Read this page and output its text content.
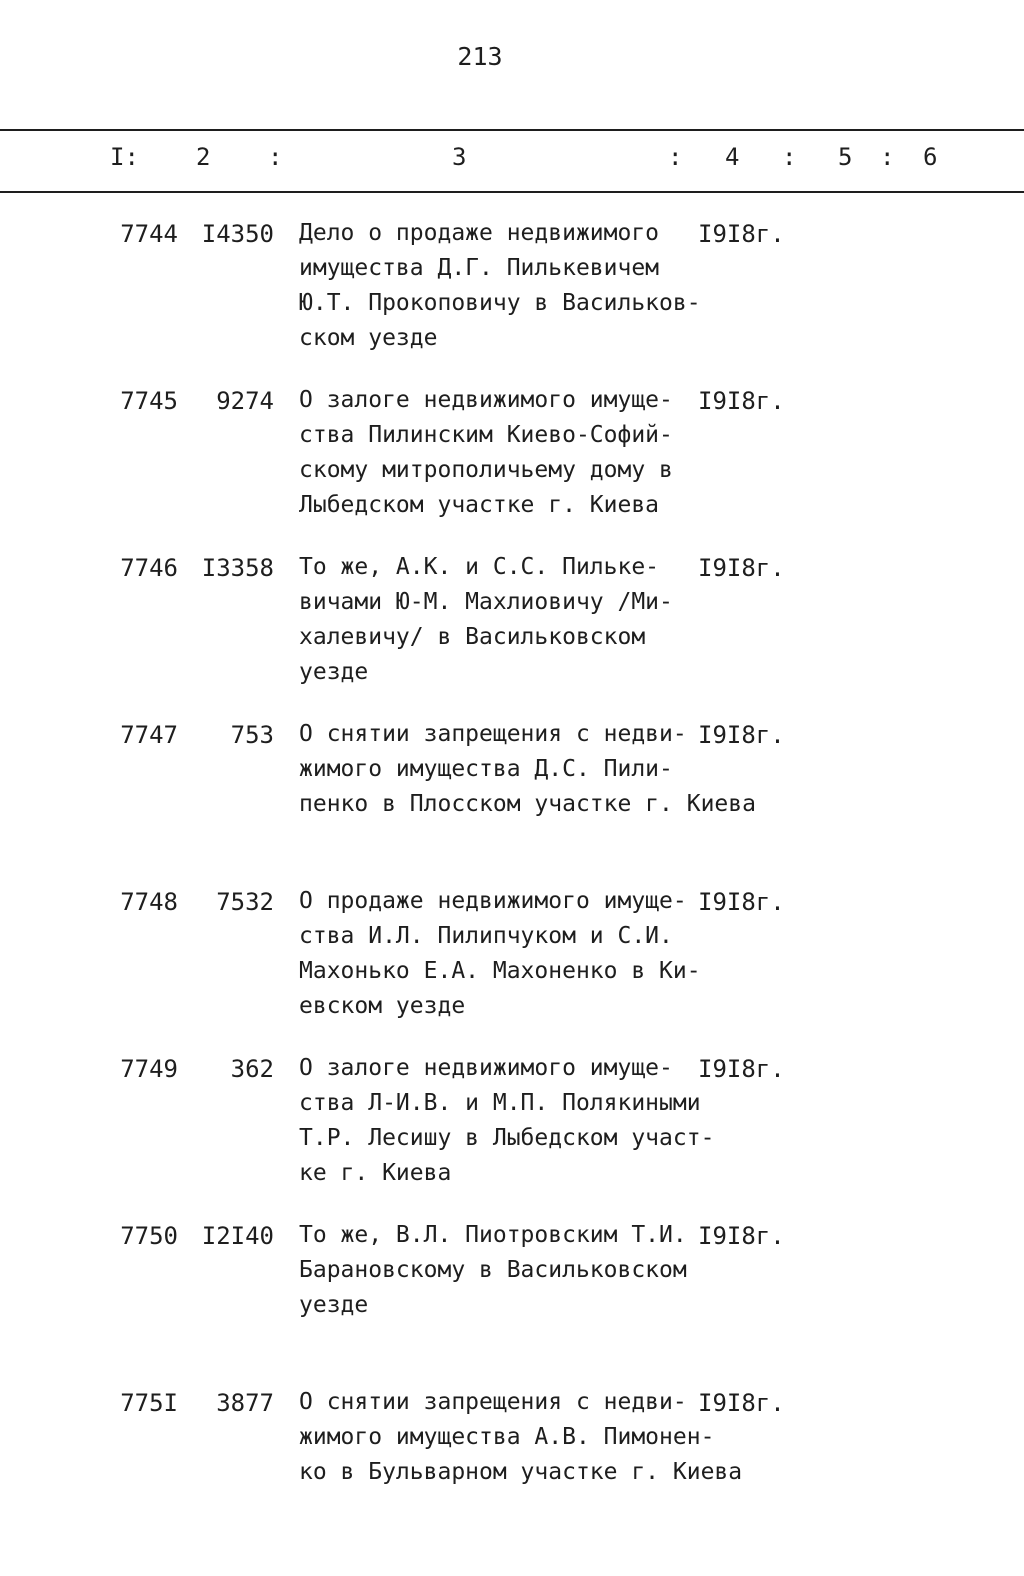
213
I: 2 :	3	: 4 : 5 : 6
7744 I4350 Дело о продаже недвижимого
имущества Д.Г. Пилькевичем
Ю.Т. Прокоповичу в Васильков-
ском уезде
I9I8г.
7745	9274 О залоге недвижимого имуще-
ства Пилинским Киево-Софий-
скому митрополичьему дому в
Лыбедском участке г. Киева
I9I8г.
7746 I3358 То же, А.К. и С.С. Пильке-
вичами Ю-М. Махлиовичу /Ми-
халевичу/ в Васильковском
уезде
I9I8г.
7747	753 О снятии запрещения с недви-
жимого имущества Д.С. Пили-
пенко в Плосском участке г. Киева
I9I8г.
7748	7532 О продаже недвижимого имуще-
ства И.Л. Пилипчуком и С.И.
Махонько Е.А. Махоненко в Ки-
евском уезде
I9I8г.
7749	362 О залоге недвижимого имуще-
ства Л-И.В. и М.П. Полякиными
Т.Р. Лесишу в Лыбедском участ-
ке г. Киева
I9I8г.
7750 I2I40 То же, В.Л. Пиотровским Т.И.
Барановскому в Васильковском
уезде
I9I8г.
775I	3877 О снятии запрещения с недви-
жимого имущества А.В. Пимонен-
ко в Бульварном участке г. Киева
I9I8г.
